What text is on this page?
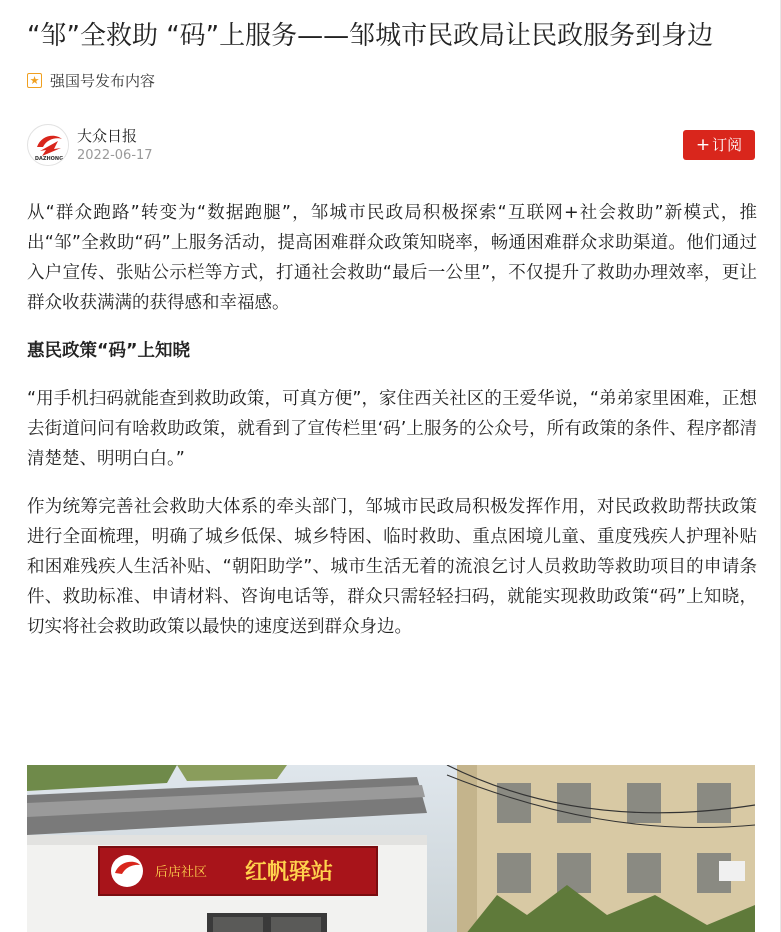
“邹”全救助 “码”上服务——邹城市民政局让民政服务到身边
★ 强国号发布内容
DAZHONG
大众日报
2022-06-17
+ 订阅

从“群众跑路”转变为“数据跑腿”，邹城市民政局积极探索“互联网+社会救助”新模式，推出“邹”全救助“码”上服务活动，提高困难群众政策知晓率，畅通困难群众求助渠道。他们通过入户宣传、张贴公示栏等方式，打通社会救助“最后一公里”，不仅提升了救助办理效率，更让群众收获满满的获得感和幸福感。

惠民政策“码”上知晓

“用手机扫码就能查到救助政策，可真方便”，家住西关社区的王爱华说，“弟弟家里困难，正想去街道问问有啥救助政策，就看到了宣传栏里‘码’上服务的公众号，所有政策的条件、程序都清清楚楚、明明白白。”

作为统筹完善社会救助大体系的牵头部门，邹城市民政局积极发挥作用，对民政救助帮扶政策进行全面梳理，明确了城乡低保、城乡特困、临时救助、重点困境儿童、重度残疾人护理补贴和困难残疾人生活补贴、“朝阳助学”、城市生活无着的流浪乞讨人员救助等救助项目的申请条件、救助标准、申请材料、咨询电话等，群众只需轻轻扫码，就能实现救助政策“码”上知晓，切实将社会救助政策以最快的速度送到群众身边。

后店社区 红帆驿站
